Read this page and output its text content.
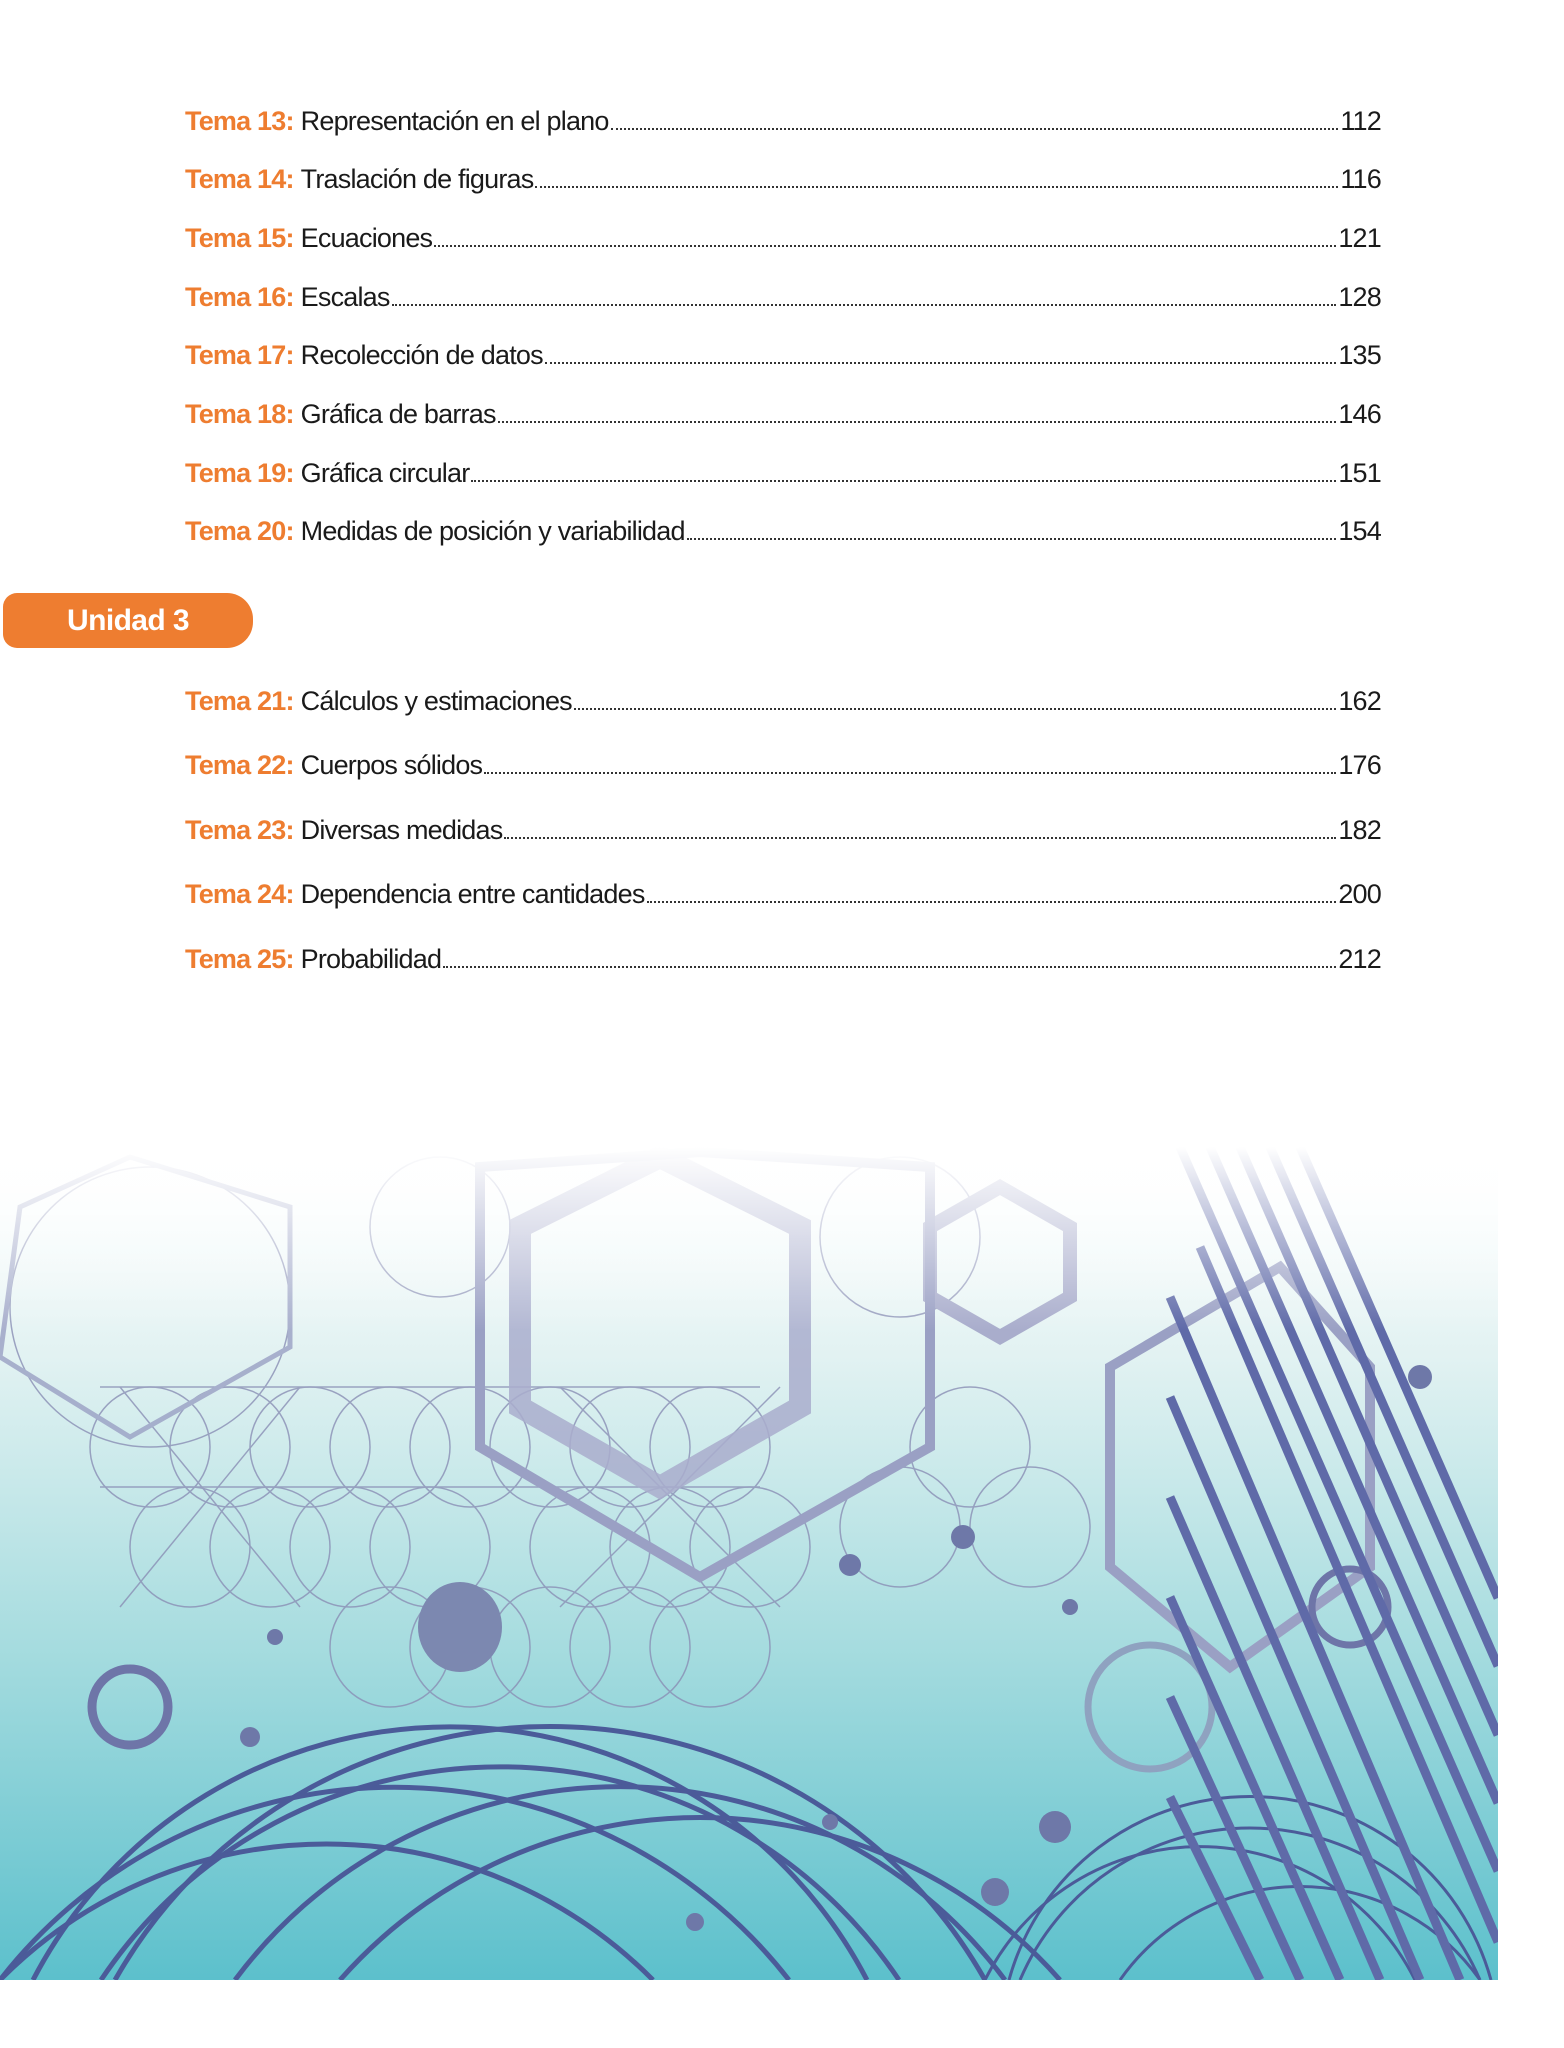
Tema 13: Representación en el plano	112
Tema 14: Traslación de figuras	116
Tema 15: Ecuaciones	121
Tema 16: Escalas	128
Tema 17: Recolección de datos	135
Tema 18: Gráfica de barras	146
Tema 19: Gráfica circular	151
Tema 20: Medidas de posición y variabilidad	154
Tema 21: Cálculos y estimaciones	162
Tema 22: Cuerpos sólidos	176
Tema 23: Diversas medidas	182
Tema 24: Dependencia entre cantidades	200
Tema 25: Probabilidad	212
Unidad 3
